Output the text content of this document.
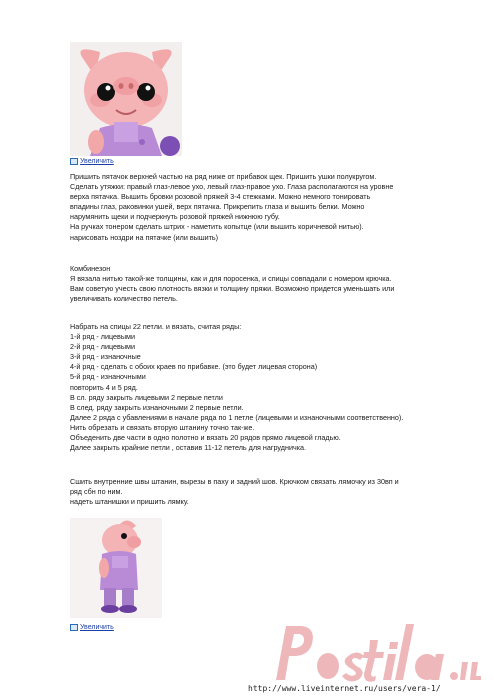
Увеличить
Пришить пятачок верхней частью на ряд ниже от прибавок щек. Пришить ушки полукругом.
Сделать утяжки: правый глаз-левое ухо, левый глаз-правое ухо. Глаза располагаются на уровне
верха пятачка. Вышить бровки розовой пряжей 3-4 стежками. Можно немного тонировать
впадины глаз, раковинки ушей, верх пятачка. Прикрепить глаза и вышить белки. Можно
нарумянить щеки и подчеркнуть розовой пряжей нижнюю губу.
На ручках тонером сделать штрих - наметить копытце (или вышить коричневой нитью).
нарисовать ноздри на пятачке (или вышить)
Комбинезон
Я вязала нитью такой-же толщины, как и для поросенка, и спицы совпадали с номером крючка.
Вам советую учесть свою плотность вязки и толщину пряжи. Возможно придется уменьшать или
увеличивать количество петель.
Набрать на спицы 22 петли. и вязать, считая ряды:
1-й ряд - лицевыми
2-й ряд - лицевыми
3-й ряд - изнаночные
4-й ряд - сделать с обоих краев по прибавке. (это будет лицевая сторона)
5-й ряд - изнаночными
повторить 4 и 5 ряд.
В сл. ряду закрыть лицевыми 2 первые петли
В след. ряду закрыть изнаночными 2 первые петли.
Далее 2 ряда с убавлениями в начале ряда по 1 петле (лицевыми и изнаночными соответственно).
Нить обрезать и связать вторую штанину точно так-же.
Объеденить две части в одно полотно и вязать 20 рядов прямо лицевой гладью.
Далее закрыть крайние петли , оставив 11-12 петель для нагрудничка.
Сшить внутренние швы штанин, вырезы в паху и задний шов. Крючком связать лямочку из 30вп и
ряд сбн по ним.
надеть штанишки и пришить лямку.
Увеличить
http://www.liveinternet.ru/users/vera-1/
